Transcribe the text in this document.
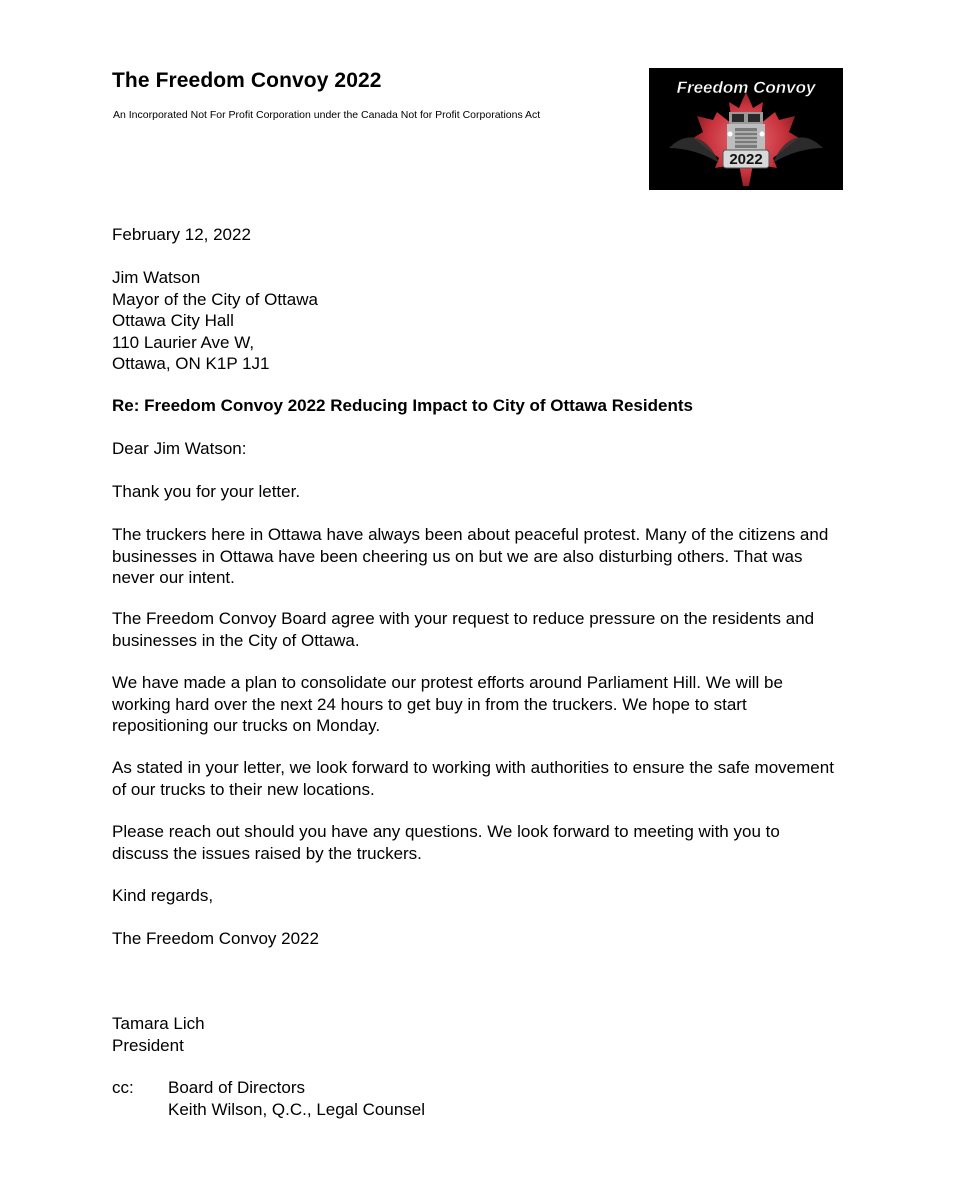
The Freedom Convoy 2022

An Incorporated Not For Profit Corporation under the Canada Not for Profit Corporations Act

2022
Freedom Convoy
February 12, 2022
Jim Watson
Mayor of the City of Ottawa
Ottawa City Hall
110 Laurier Ave W,
Ottawa, ON K1P 1J1
Re: Freedom Convoy 2022 Reducing Impact to City of Ottawa Residents
Dear Jim Watson:
Thank you for your letter.
The truckers here in Ottawa have always been about peaceful protest. Many of the citizens and
businesses in Ottawa have been cheering us on but we are also disturbing others. That was
never our intent.
The Freedom Convoy Board agree with your request to reduce pressure on the residents and
businesses in the City of Ottawa.
We have made a plan to consolidate our protest efforts around Parliament Hill. We will be
working hard over the next 24 hours to get buy in from the truckers. We hope to start
repositioning our trucks on Monday.
As stated in your letter, we look forward to working with authorities to ensure the safe movement
of our trucks to their new locations.
Please reach out should you have any questions. We look forward to meeting with you to
discuss the issues raised by the truckers.
Kind regards,
The Freedom Convoy 2022
Tamara Lich
President
cc: Board of Directors
Keith Wilson, Q.C., Legal Counsel
